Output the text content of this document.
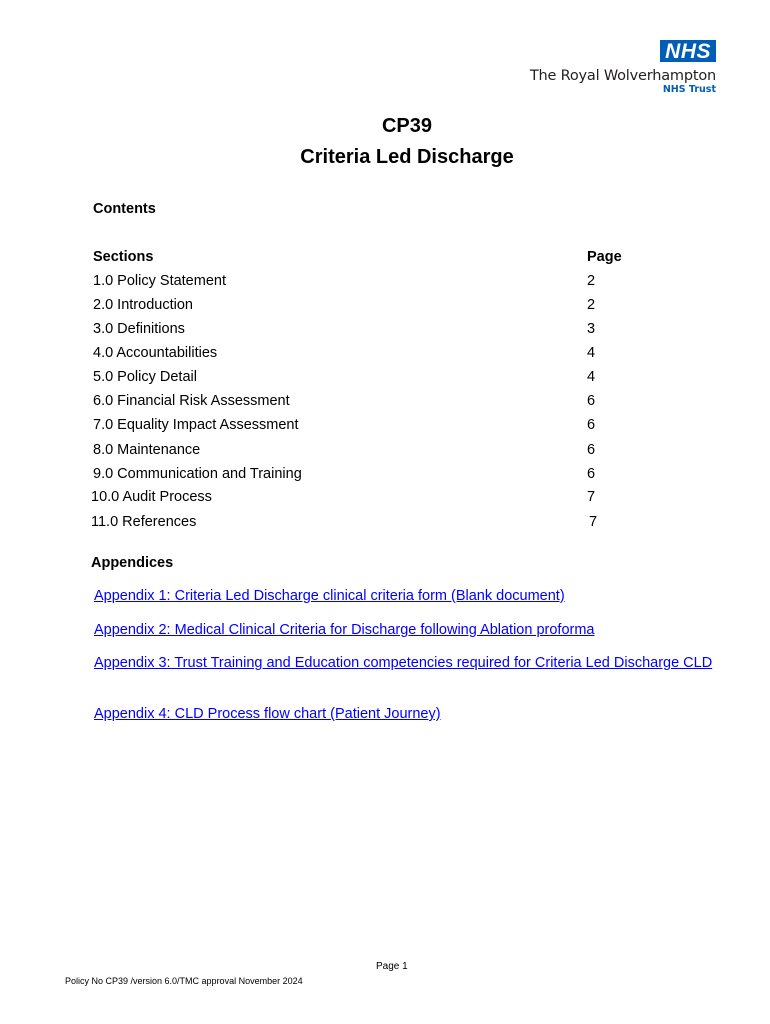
NHS
The Royal Wolverhampton
NHS Trust
CP39
Criteria Led Discharge
Contents
Sections	Page
1.0 Policy Statement	2
2.0 Introduction	2
3.0 Definitions	3
4.0 Accountabilities	4
5.0 Policy Detail	4
6.0 Financial Risk Assessment	6
7.0 Equality Impact Assessment	6
8.0 Maintenance	6
9.0 Communication and Training	6
10.0 Audit Process	7
11.0 References	7
Appendices
Appendix 1: Criteria Led Discharge clinical criteria form (Blank document)
Appendix 2: Medical Clinical Criteria for Discharge following Ablation proforma
Appendix 3: Trust Training and Education competencies required for Criteria Led Discharge CLD
Appendix 4: CLD Process flow chart (Patient Journey)
Page 1
Policy No CP39 /version 6.0/TMC approval November 2024
